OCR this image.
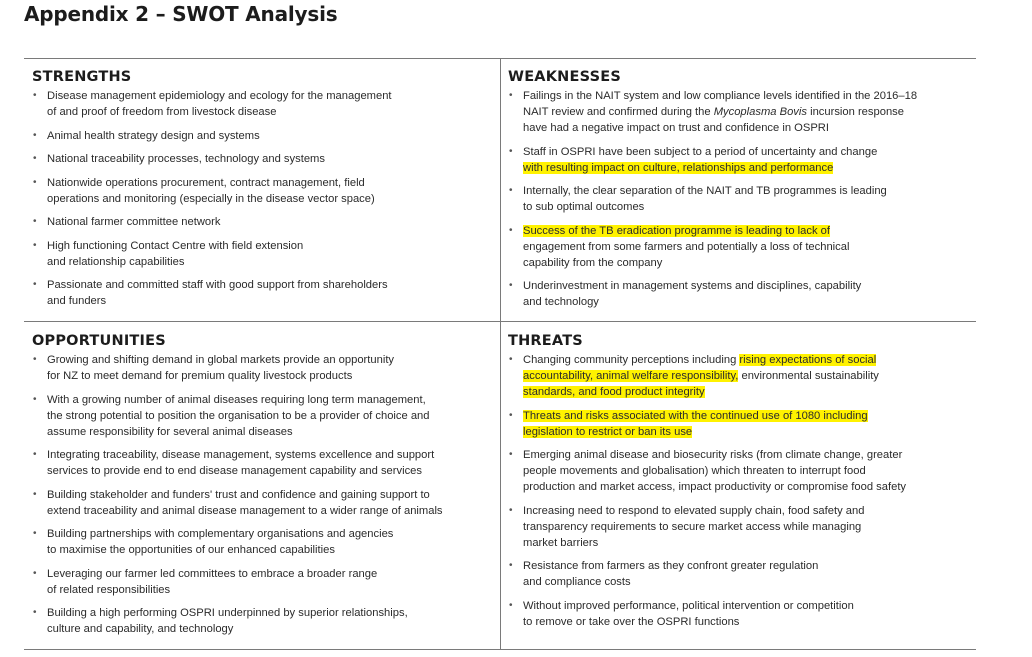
Appendix 2 – SWOT Analysis
STRENGTHS
• Disease management epidemiology and ecology for the management
of and proof of freedom from livestock disease
• Animal health strategy design and systems
• National traceability processes, technology and systems
• Nationwide operations procurement, contract management, field
operations and monitoring (especially in the disease vector space)
• National farmer committee network
• High functioning Contact Centre with field extension
and relationship capabilities
• Passionate and committed staff with good support from shareholders
and funders
WEAKNESSES
• Failings in the NAIT system and low compliance levels identified in the 2016–18
NAIT review and confirmed during the Mycoplasma Bovis incursion response
have had a negative impact on trust and confidence in OSPRI
• Staff in OSPRI have been subject to a period of uncertainty and change
with resulting impact on culture, relationships and performance
• Internally, the clear separation of the NAIT and TB programmes is leading
to sub optimal outcomes
• Success of the TB eradication programme is leading to lack of
engagement from some farmers and potentially a loss of technical
capability from the company
• Underinvestment in management systems and disciplines, capability
and technology
OPPORTUNITIES
• Growing and shifting demand in global markets provide an opportunity
for NZ to meet demand for premium quality livestock products
• With a growing number of animal diseases requiring long term management,
the strong potential to position the organisation to be a provider of choice and
assume responsibility for several animal diseases
• Integrating traceability, disease management, systems excellence and support
services to provide end to end disease management capability and services
• Building stakeholder and funders' trust and confidence and gaining support to
extend traceability and animal disease management to a wider range of animals
• Building partnerships with complementary organisations and agencies
to maximise the opportunities of our enhanced capabilities
• Leveraging our farmer led committees to embrace a broader range
of related responsibilities
• Building a high performing OSPRI underpinned by superior relationships,
culture and capability, and technology
THREATS
• Changing community perceptions including rising expectations of social
accountability, animal welfare responsibility, environmental sustainability
standards, and food product integrity
• Threats and risks associated with the continued use of 1080 including
legislation to restrict or ban its use
• Emerging animal disease and biosecurity risks (from climate change, greater
people movements and globalisation) which threaten to interrupt food
production and market access, impact productivity or compromise food safety
• Increasing need to respond to elevated supply chain, food safety and
transparency requirements to secure market access while managing
market barriers
• Resistance from farmers as they confront greater regulation
and compliance costs
• Without improved performance, political intervention or competition
to remove or take over the OSPRI functions
